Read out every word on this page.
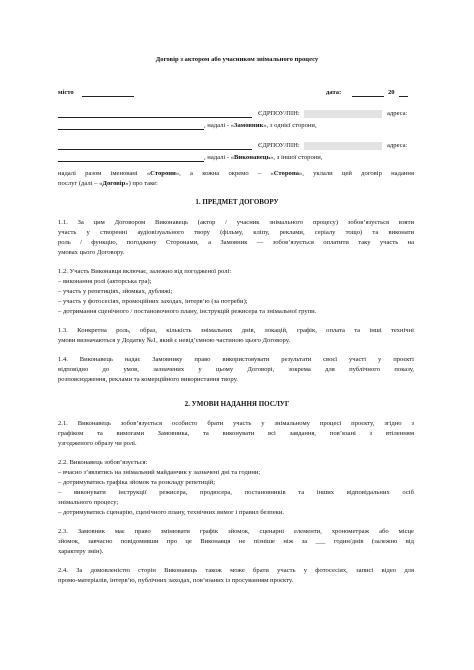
Договір з актором або учасником знімального процесу
місто	дата:	20
ЄДРПОУ/ПІН:	адреса:
, надалі - «Замовник», з однієї сторони,
ЄДРПОУ/ПІН:	адреса:
, надалі - «Виконавець», з іншої сторони,
надалі разом іменовані «Сторони», а кожна окремо – «Сторона», уклали цей договір надання
послуг (далі – «Договір») про таке:
1. ПРЕДМЕТ ДОГОВОРУ
1.1. За цим Договором Виконавець (актор / учасник знімального процесу) зобов’язується взяти
участь у створенні аудіовізуального твору (фільму, кліпу, реклами, серіалу тощо) та виконати
роль / функцію, погоджену Сторонами, а Замовник — зобов’язується оплатити таку участь на
умовах цього Договору.
1.2. Участь Виконавця включає, залежно від погодженої ролі:
– виконання ролі (акторська гра);
– участь у репетиціях, зйомках, дубляжі;
– участь у фотосесіях, промоційних заходах, інтерв’ю (за потреби);
– дотримання сценічного / постановочного плану, інструкцій режисера та знімальної групи.
1.3. Конкретна роль, образ, кількість знімальних днів, локацій, графік, оплата та інші технічні
умови визначаються у Додатку №1, який є невід’ємною частиною цього Договору.
1.4. Виконавець надає Замовнику право використовувати результати своєї участі у проєкті
відповідно до умов, зазначених у цьому Договорі, зокрема для публічного показу,
розповсюдження, реклами та комерційного використання твору.
2. УМОВИ НАДАННЯ ПОСЛУГ
2.1. Виконавець зобов’язується особисто брати участь у знімальному процесі проєкту, згідно з
графіком та вимогами Замовника, та виконувати всі завдання, пов’язані з втіленням
узгодженого образу чи ролі.
2.2. Виконавець зобов’язується:
– вчасно з’являтись на знімальний майданчик у зазначені дні та години;
– дотримуватись графіка зйомок та розкладу репетицій;
– виконувати інструкції режисера, продюсера, постановників та інших відповідальних осіб
знімального процесу;
– дотримуватись сценарію, сценічного плану, технічних вимог і правил безпеки.
2.3. Замовник має право змінювати графік зйомок, сценарні елементи, хронометраж або місце
зйомок, завчасно повідомивши про це Виконавця не пізніше ніж за ___ годин/днів (залежно від
характеру змін).
2.4. За домовленістю сторін Виконавець також може брати участь у фотосесіях, записі відео для
промо-матеріалів, інтерв’ю, публічних заходах, пов’язаних із просуванням проєкту.
